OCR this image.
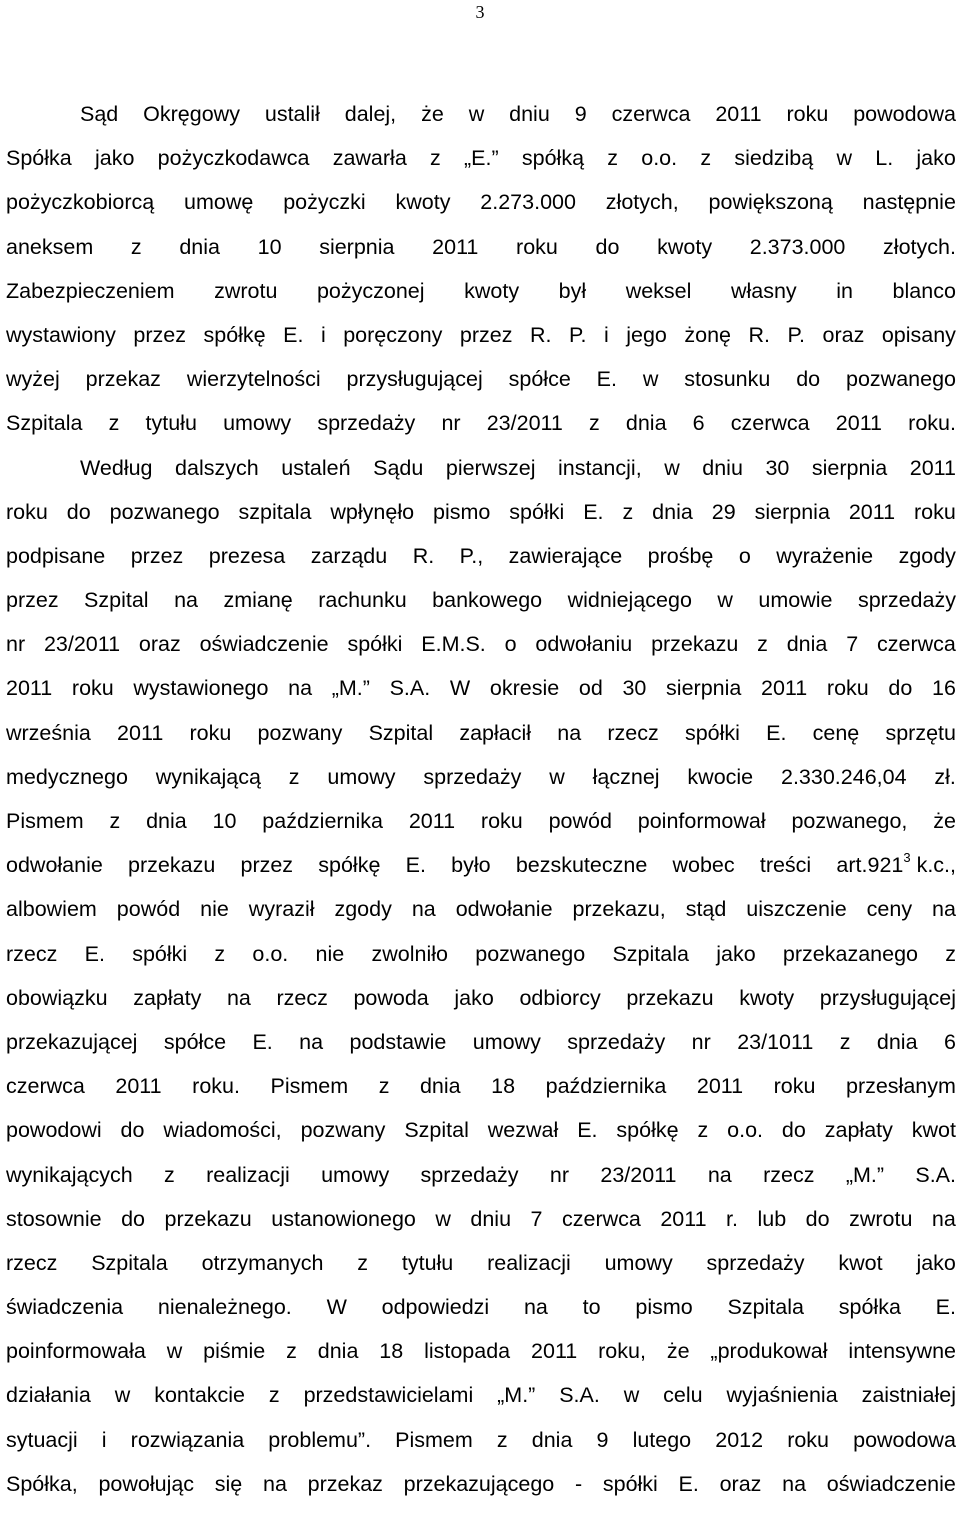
3
Sąd Okręgowy ustalił dalej, że w dniu 9 czerwca 2011 roku powodowa
Spółka jako pożyczkodawca zawarła z „E.” spółką z o.o. z siedzibą w L. jako
pożyczkobiorcą umowę pożyczki kwoty 2.273.000 złotych, powiększoną następnie
aneksem z dnia 10 sierpnia 2011 roku do kwoty 2.373.000 złotych.
Zabezpieczeniem zwrotu pożyczonej kwoty był weksel własny in blanco
wystawiony przez spółkę E. i poręczony przez R. P. i jego żonę R. P. oraz opisany
wyżej przekaz wierzytelności przysługującej spółce E. w stosunku do pozwanego
Szpitala z tytułu umowy sprzedaży nr 23/2011 z dnia 6 czerwca 2011 roku.
Według dalszych ustaleń Sądu pierwszej instancji, w dniu 30 sierpnia 2011
roku do pozwanego szpitala wpłynęło pismo spółki E. z dnia 29 sierpnia 2011 roku
podpisane przez prezesa zarządu R. P., zawierające prośbę o wyrażenie zgody
przez Szpital na zmianę rachunku bankowego widniejącego w umowie sprzedaży
nr 23/2011 oraz oświadczenie spółki E.M.S. o odwołaniu przekazu z dnia 7 czerwca
2011 roku wystawionego na „M.” S.A. W okresie od 30 sierpnia 2011 roku do 16
września 2011 roku pozwany Szpital zapłacił na rzecz spółki E. cenę sprzętu
medycznego wynikającą z umowy sprzedaży w łącznej kwocie 2.330.246,04 zł.
Pismem z dnia 10 października 2011 roku powód poinformował pozwanego, że
odwołanie przekazu przez spółkę E. było bezskuteczne wobec treści art.921$^3$ k.c.,
albowiem powód nie wyraził zgody na odwołanie przekazu, stąd uiszczenie ceny na
rzecz E. spółki z o.o. nie zwolniło pozwanego Szpitala jako przekazanego z
obowiązku zapłaty na rzecz powoda jako odbiorcy przekazu kwoty przysługującej
przekazującej spółce E. na podstawie umowy sprzedaży nr 23/1011 z dnia 6
czerwca 2011 roku. Pismem z dnia 18 października 2011 roku przesłanym
powodowi do wiadomości, pozwany Szpital wezwał E. spółkę z o.o. do zapłaty kwot
wynikających z realizacji umowy sprzedaży nr 23/2011 na rzecz „M.” S.A.
stosownie do przekazu ustanowionego w dniu 7 czerwca 2011 r. lub do zwrotu na
rzecz Szpitala otrzymanych z tytułu realizacji umowy sprzedaży kwot jako
świadczenia nienależnego. W odpowiedzi na to pismo Szpitala spółka E.
poinformowała w piśmie z dnia 18 listopada 2011 roku, że „produkował intensywne
działania w kontakcie z przedstawicielami „M.” S.A. w celu wyjaśnienia zaistniałej
sytuacji i rozwiązania problemu”. Pismem z dnia 9 lutego 2012 roku powodowa
Spółka, powołując się na przekaz przekazującego - spółki E. oraz na oświadczenie
